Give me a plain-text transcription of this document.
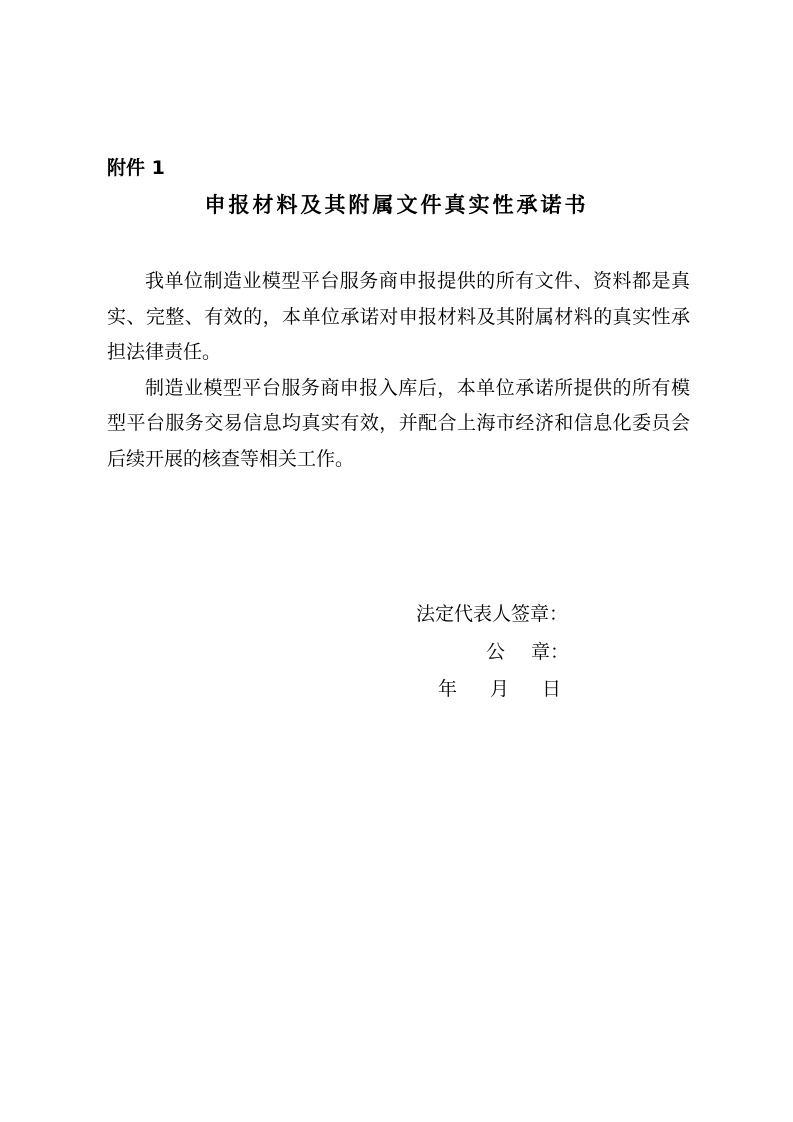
附件 1
申报材料及其附属文件真实性承诺书

我单位制造业模型平台服务商申报提供的所有文件、资料都是真实、完整、有效的，本单位承诺对申报材料及其附属材料的真实性承担法律责任。

制造业模型平台服务商申报入库后，本单位承诺所提供的所有模型平台服务交易信息均真实有效，并配合上海市经济和信息化委员会后续开展的核查等相关工作。

法定代表人签章：
公 章：
年 月 日
